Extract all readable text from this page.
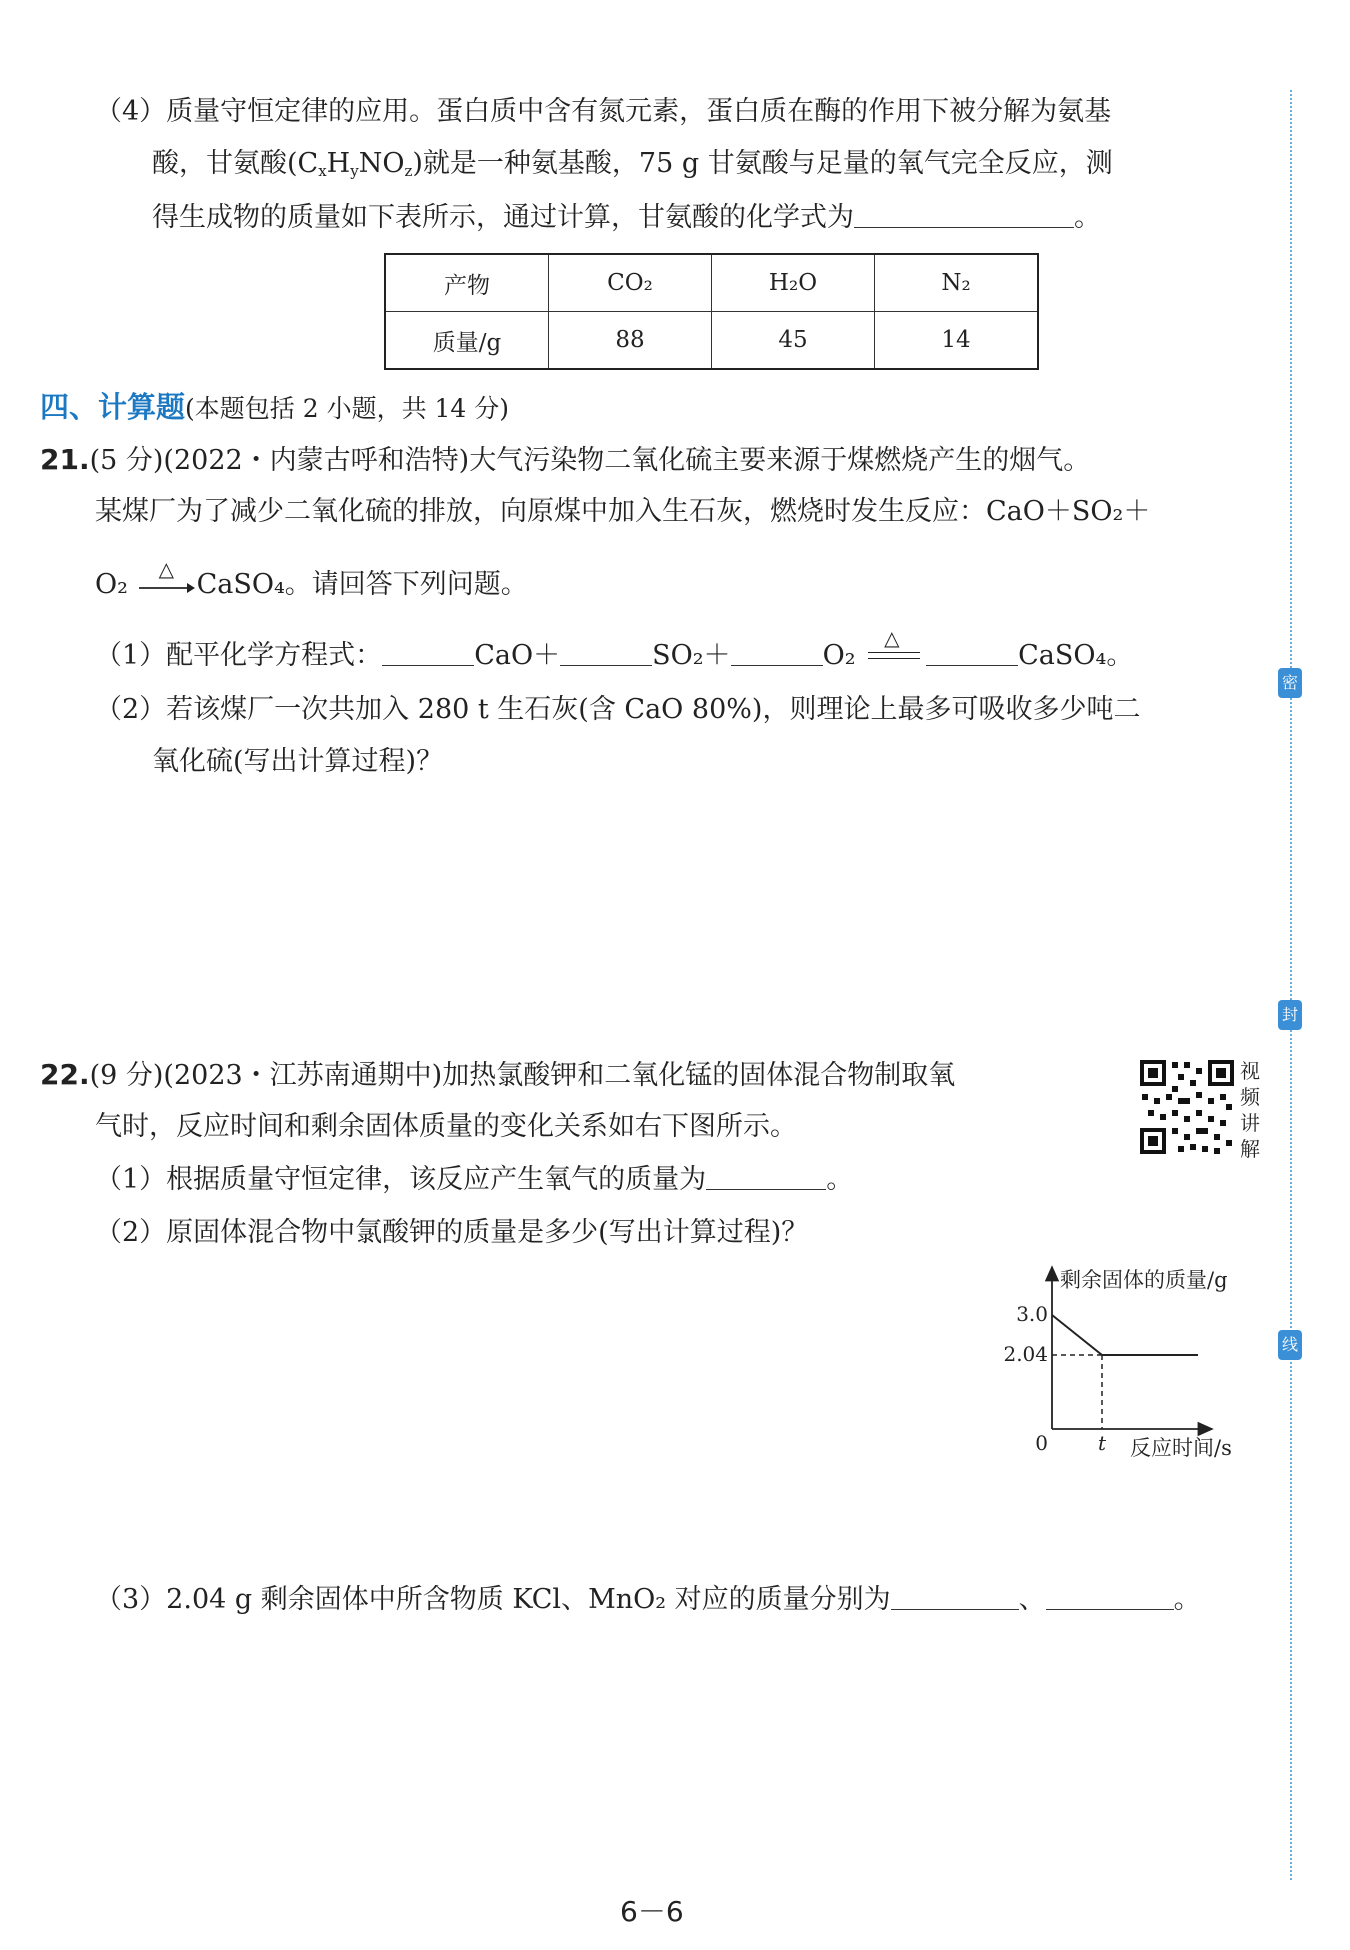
密
封
线
（4）质量守恒定律的应用。蛋白质中含有氮元素，蛋白质在酶的作用下被分解为氨基
酸，甘氨酸$(C_xH_yNO_z)$就是一种氨基酸，75 g 甘氨酸与足量的氧气完全反应，测
得生成物的质量如下表所示，通过计算，甘氨酸的化学式为	。
产物	CO₂	H₂O	N₂
质量/g	88	45	14
四、计算题(本题包括 2 小题，共 14 分)
21.(5 分)(2022・内蒙古呼和浩特)大气污染物二氧化硫主要来源于煤燃烧产生的烟气。
某煤厂为了减少二氧化硫的排放，向原煤中加入生石灰，燃烧时发生反应：CaO＋SO₂＋
O₂
△
CaSO₄。请回答下列问题。
（1）配平化学方程式：	CaO＋	SO₂＋	O₂
△
CaSO₄。
（2）若该煤厂一次共加入 280 t 生石灰(含 CaO 80%)，则理论上最多可吸收多少吨二
氧化硫(写出计算过程)？
22.(9 分)(2023・江苏南通期中)加热氯酸钾和二氧化锰的固体混合物制取氧
气时，反应时间和剩余固体质量的变化关系如右下图所示。
视频讲解
（1）根据质量守恒定律，该反应产生氧气的质量为	。
（2）原固体混合物中氯酸钾的质量是多少(写出计算过程)？
剩余固体的质量/g
反应时间/s
0 t
3.0
2.04
（3）2.04 g 剩余固体中所含物质 KCl、MnO₂ 对应的质量分别为	、	。
6－6
